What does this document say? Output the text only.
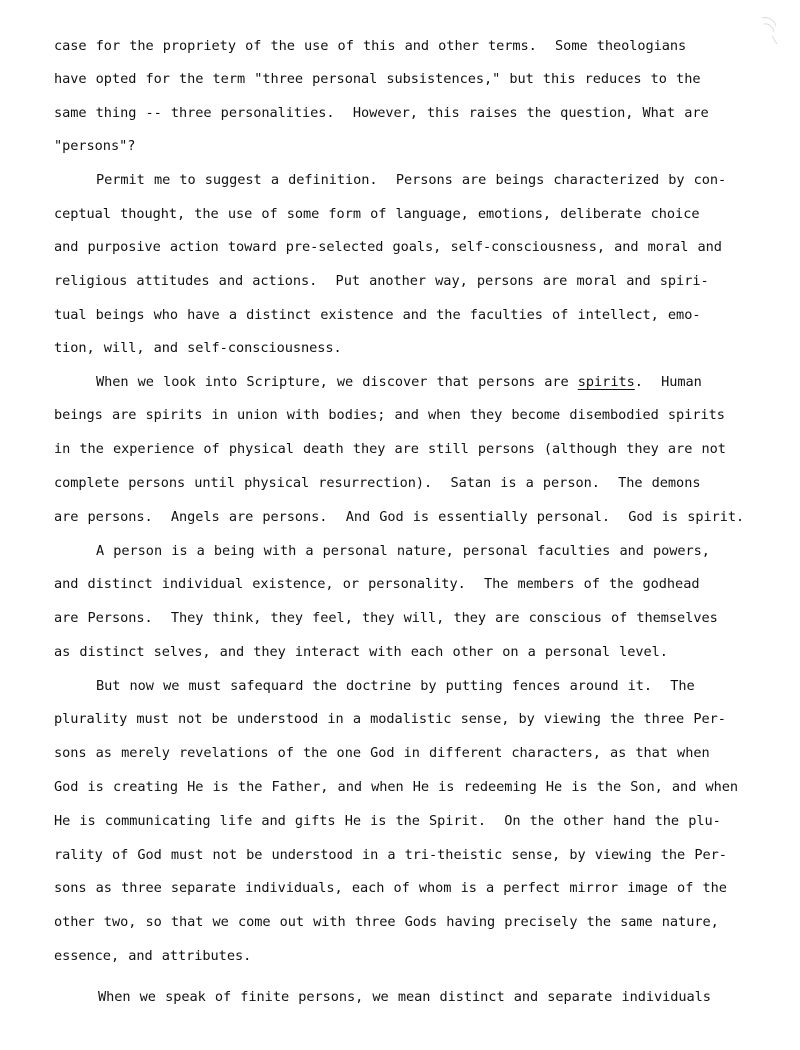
case for the propriety of the use of this and other terms.  Some theologians
have opted for the term "three personal subsistences," but this reduces to the
same thing -- three personalities.  However, this raises the question, What are
"persons"?
Permit me to suggest a definition.  Persons are beings characterized by con-
ceptual thought, the use of some form of language, emotions, deliberate choice
and purposive action toward pre-selected goals, self-consciousness, and moral and
religious attitudes and actions.  Put another way, persons are moral and spiri-
tual beings who have a distinct existence and the faculties of intellect, emo-
tion, will, and self-consciousness.
When we look into Scripture, we discover that persons are spirits.  Human
beings are spirits in union with bodies; and when they become disembodied spirits
in the experience of physical death they are still persons (although they are not
complete persons until physical resurrection).  Satan is a person.  The demons
are persons.  Angels are persons.  And God is essentially personal.  God is spirit.
A person is a being with a personal nature, personal faculties and powers,
and distinct individual existence, or personality.  The members of the godhead
are Persons.  They think, they feel, they will, they are conscious of themselves
as distinct selves, and they interact with each other on a personal level.
But now we must safequard the doctrine by putting fences around it.  The
plurality must not be understood in a modalistic sense, by viewing the three Per-
sons as merely revelations of the one God in different characters, as that when
God is creating He is the Father, and when He is redeeming He is the Son, and when
He is communicating life and gifts He is the Spirit.  On the other hand the plu-
rality of God must not be understood in a tri-theistic sense, by viewing the Per-
sons as three separate individuals, each of whom is a perfect mirror image of the
other two, so that we come out with three Gods having precisely the same nature,
essence, and attributes.
When we speak of finite persons, we mean distinct and separate individuals
